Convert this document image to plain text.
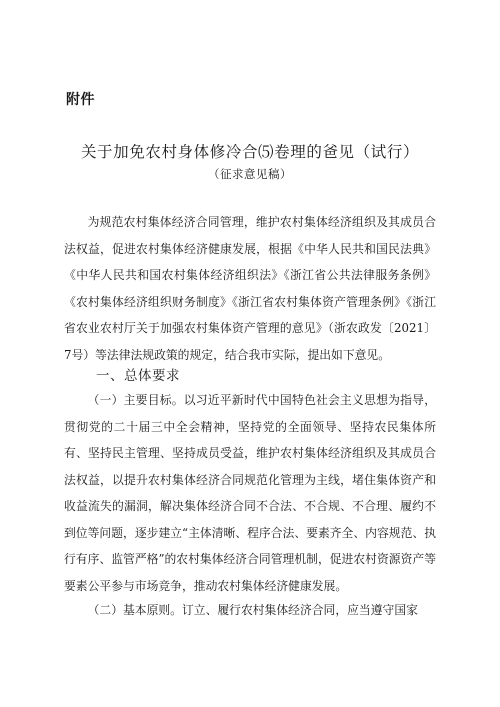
附件
关于加免农村身体修冷合⑸卷理的爸见（试行）
（征求意见稿）
为规范农村集体经济合同管理，维护农村集体经济组织及其成员合法权益，促进农村集体经济健康发展，根据《中华人民共和国民法典》《中华人民共和国农村集体经济组织法》《浙江省公共法律服务条例》《农村集体经济组织财务制度》《浙江省农村集体资产管理条例》《浙江省农业农村厅关于加强农村集体资产管理的意见》（浙农政发〔2021〕7号）等法律法规政策的规定，结合我市实际，提出如下意见。
一、总体要求
（一）主要目标。以习近平新时代中国特色社会主义思想为指导，贯彻党的二十届三中全会精神，坚持党的全面领导、坚持农民集体所有、坚持民主管理、坚持成员受益，维护农村集体经济组织及其成员合法权益，以提升农村集体经济合同规范化管理为主线，堵住集体资产和收益流失的漏洞，解决集体经济合同不合法、不合规、不合理、履约不到位等问题，逐步建立“主体清晰、程序合法、要素齐全、内容规范、执行有序、监管严格”的农村集体经济合同管理机制，促进农村资源资产等要素公平参与市场竞争，推动农村集体经济健康发展。
（二）基本原则。订立、履行农村集体经济合同，应当遵守国家
